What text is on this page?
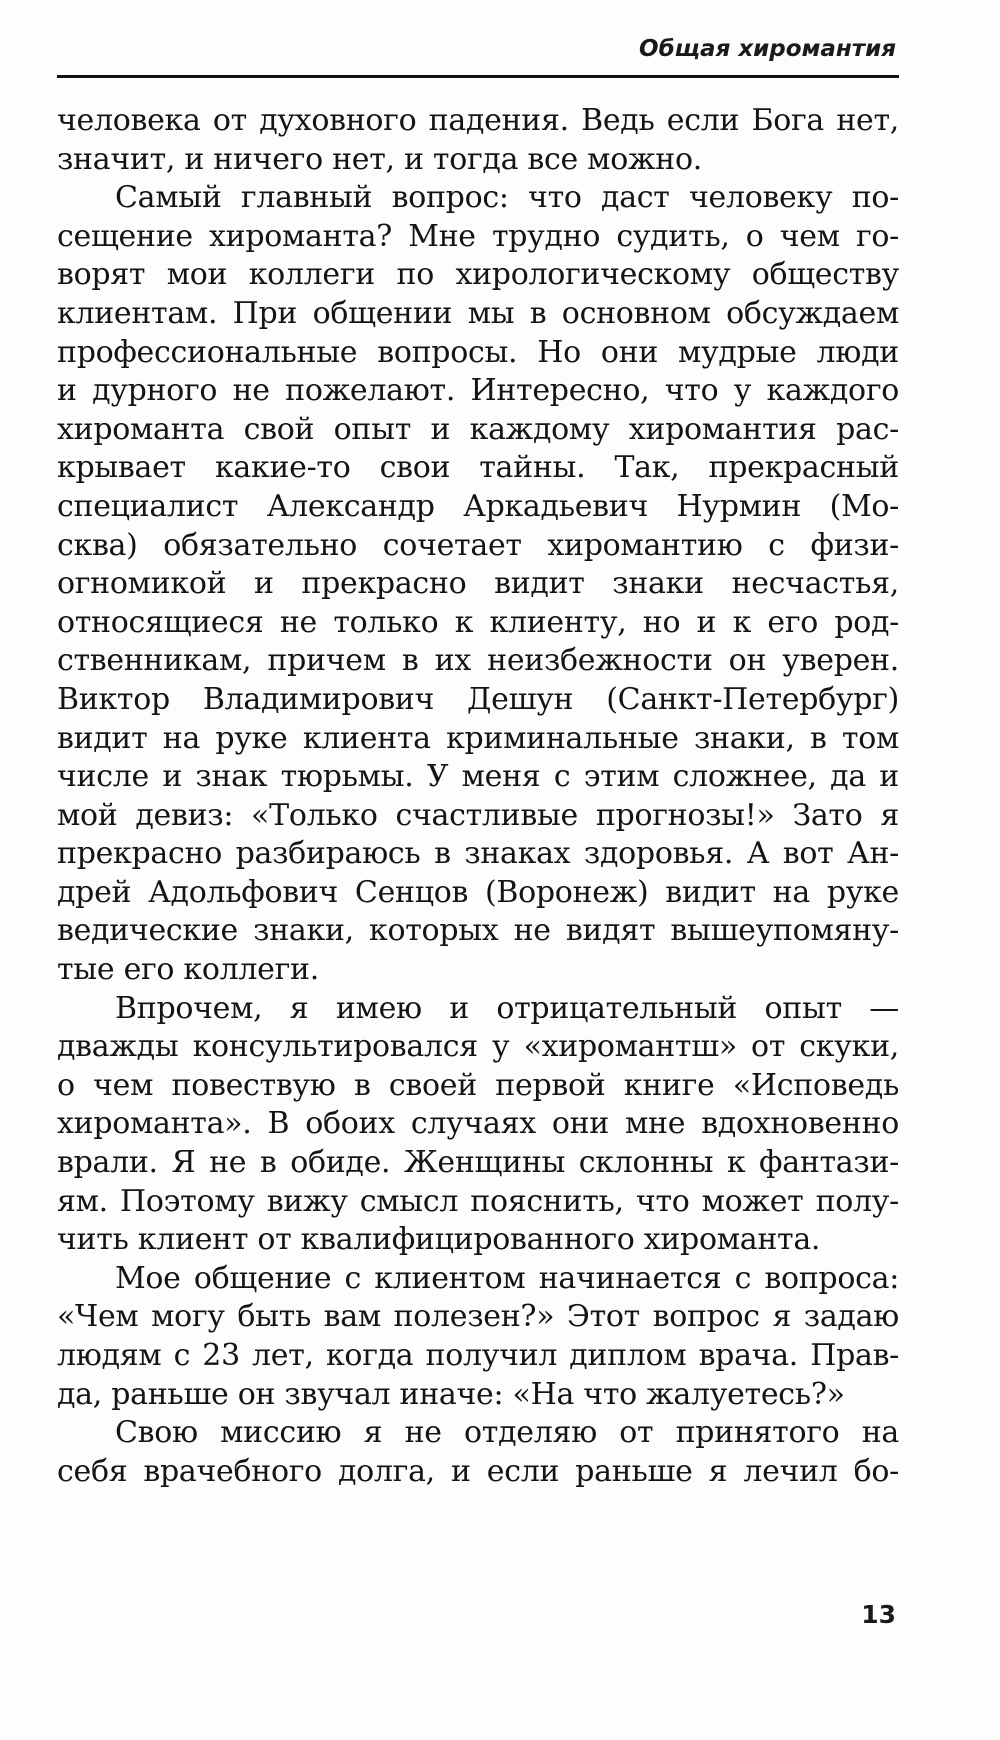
Общая хиромантия
человека от духовного падения. Ведь если Бога нет,
значит, и ничего нет, и тогда все можно.
Самый главный вопрос: что даст человеку по-
сещение хироманта? Мне трудно судить, о чем го-
ворят мои коллеги по хирологическому обществу
клиентам. При общении мы в основном обсуждаем
профессиональные вопросы. Но они мудрые люди
и дурного не пожелают. Интересно, что у каждого
хироманта свой опыт и каждому хиромантия рас-
крывает какие-то свои тайны. Так, прекрасный
специалист Александр Аркадьевич Нурмин (Мо-
сква) обязательно сочетает хиромантию с физи-
огномикой и прекрасно видит знаки несчастья,
относящиеся не только к клиенту, но и к его род-
ственникам, причем в их неизбежности он уверен.
Виктор Владимирович Дешун (Санкт-Петербург)
видит на руке клиента криминальные знаки, в том
числе и знак тюрьмы. У меня с этим сложнее, да и
мой девиз: «Только счастливые прогнозы!» Зато я
прекрасно разбираюсь в знаках здоровья. А вот Ан-
дрей Адольфович Сенцов (Воронеж) видит на руке
ведические знаки, которых не видят вышеупомяну-
тые его коллеги.
Впрочем, я имею и отрицательный опыт —
дважды консультировался у «хиромантш» от скуки,
о чем повествую в своей первой книге «Исповедь
хироманта». В обоих случаях они мне вдохновенно
врали. Я не в обиде. Женщины склонны к фантази-
ям. Поэтому вижу смысл пояснить, что может полу-
чить клиент от квалифицированного хироманта.
Мое общение с клиентом начинается с вопроса:
«Чем могу быть вам полезен?» Этот вопрос я задаю
людям с 23 лет, когда получил диплом врача. Прав-
да, раньше он звучал иначе: «На что жалуетесь?»
Свою миссию я не отделяю от принятого на
себя врачебного долга, и если раньше я лечил бо-
13
